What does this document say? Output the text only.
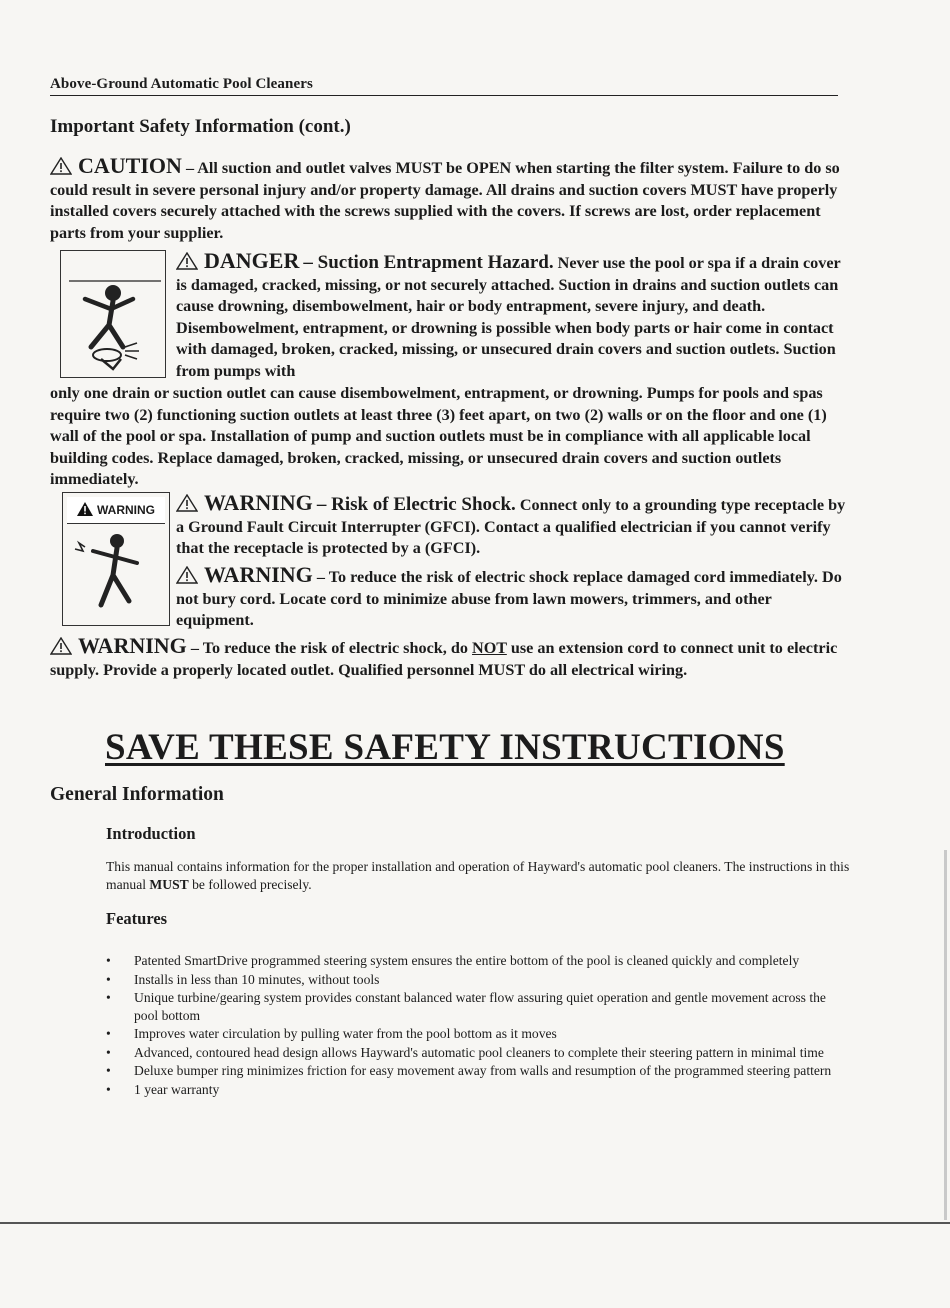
Above-Ground Automatic Pool Cleaners
Important Safety Information (cont.)
CAUTION – All suction and outlet valves MUST be OPEN when starting the filter system. Failure to do so could result in severe personal injury and/or property damage. All drains and suction covers MUST have properly installed covers securely attached with the screws supplied with the covers. If screws are lost, order replacement parts from your supplier.
DANGER – Suction Entrapment Hazard. Never use the pool or spa if a drain cover is damaged, cracked, missing, or not securely attached. Suction in drains and suction outlets can cause drowning, disembowelment, hair or body entrapment, severe injury, and death. Disembowelment, entrapment, or drowning is possible when body parts or hair come in contact with damaged, broken, cracked, missing, or unsecured drain covers and suction outlets. Suction from pumps with
only one drain or suction outlet can cause disembowelment, entrapment, or drowning. Pumps for pools and spas require two (2) functioning suction outlets at least three (3) feet apart, on two (2) walls or on the floor and one (1) wall of the pool or spa. Installation of pump and suction outlets must be in compliance with all applicable local building codes. Replace damaged, broken, cracked, missing, or unsecured drain covers and suction outlets immediately.
WARNING	WARNING – Risk of Electric Shock. Connect only to a grounding type receptacle by a Ground Fault Circuit Interrupter (GFCI). Contact a qualified electrician if you cannot verify that the receptacle is protected by a (GFCI).
WARNING – To reduce the risk of electric shock replace damaged cord immediately. Do not bury cord. Locate cord to minimize abuse from lawn mowers, trimmers, and other equipment.
WARNING – To reduce the risk of electric shock, do NOT use an extension cord to connect unit to electric supply. Provide a properly located outlet. Qualified personnel MUST do all electrical wiring.
SAVE THESE SAFETY INSTRUCTIONS
General Information
Introduction
This manual contains information for the proper installation and operation of Hayward's automatic pool cleaners. The instructions in this manual MUST be followed precisely.
Features
• Patented SmartDrive programmed steering system ensures the entire bottom of the pool is cleaned quickly and completely
• Installs in less than 10 minutes, without tools
• Unique turbine/gearing system provides constant balanced water flow assuring quiet operation and gentle movement across the pool bottom
• Improves water circulation by pulling water from the pool bottom as it moves
• Advanced, contoured head design allows Hayward's automatic pool cleaners to complete their steering pattern in minimal time
• Deluxe bumper ring minimizes friction for easy movement away from walls and resumption of the programmed steering pattern
• 1 year warranty
